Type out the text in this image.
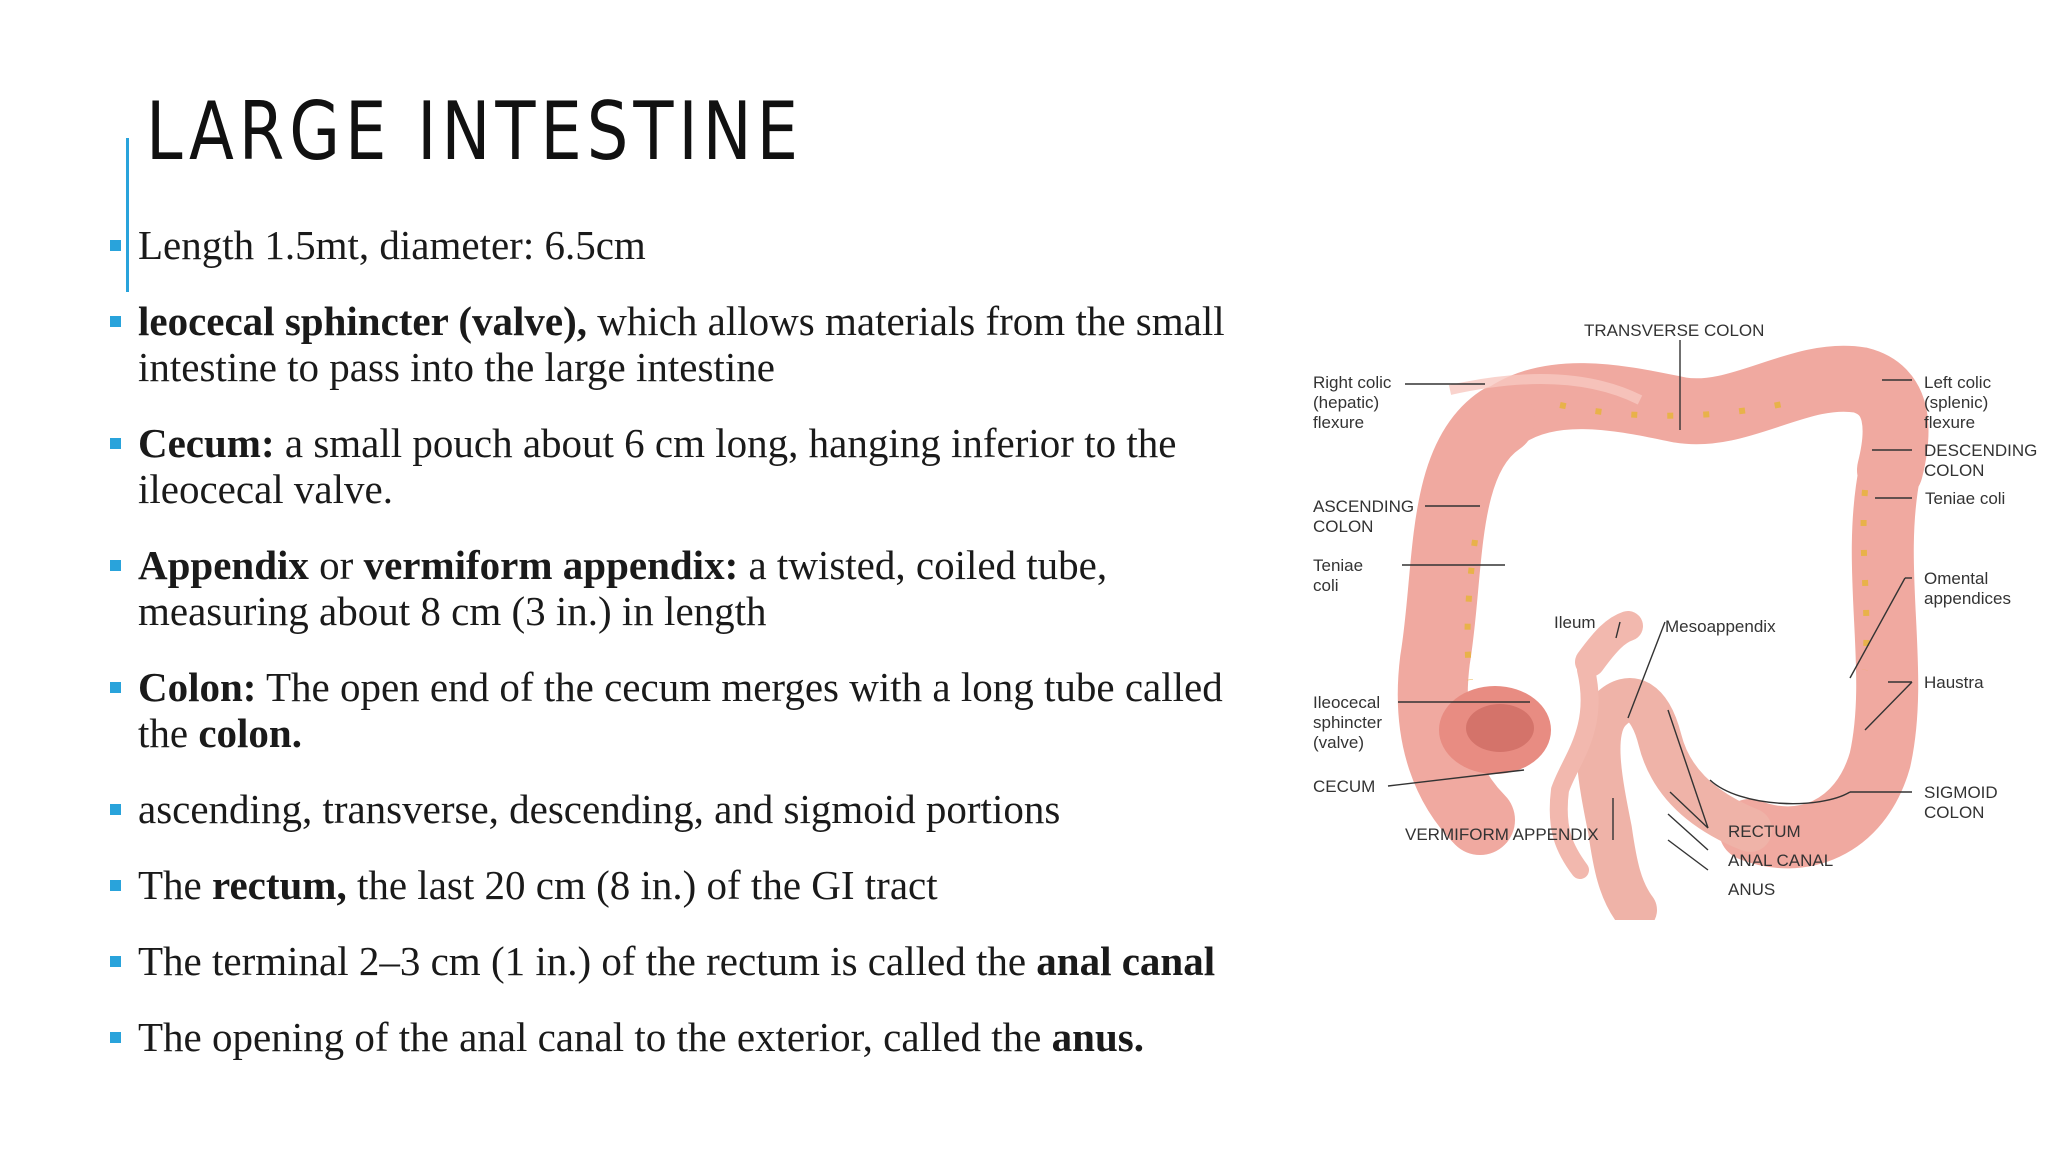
LARGE INTESTINE
Length 1.5mt, diameter: 6.5cm
leocecal sphincter (valve), which allows materials from the small intestine to pass into the large intestine
Cecum: a small pouch about 6 cm long, hanging inferior to the ileocecal valve.
Appendix or vermiform appendix: a twisted, coiled tube, measuring about 8 cm (3 in.) in length
Colon: The open end of the cecum merges with a long tube called the colon.
ascending, transverse, descending, and sigmoid portions
The rectum, the last 20 cm (8 in.) of the GI tract
The terminal 2–3 cm (1 in.) of the rectum is called the anal canal
The opening of the anal canal to the exterior, called the anus.
TRANSVERSE COLON
Right colic
(hepatic)
flexure
Left colic
(splenic)
flexure
DESCENDING
COLON
Teniae coli
ASCENDING
COLON
Teniae
coli	Omental
appendices
Ileum	Mesoappendix
Haustra
Ileocecal
sphincter
(valve)
CECUM	SIGMOID
COLON
VERMIFORM APPENDIX	RECTUM
ANAL CANAL
ANUS
